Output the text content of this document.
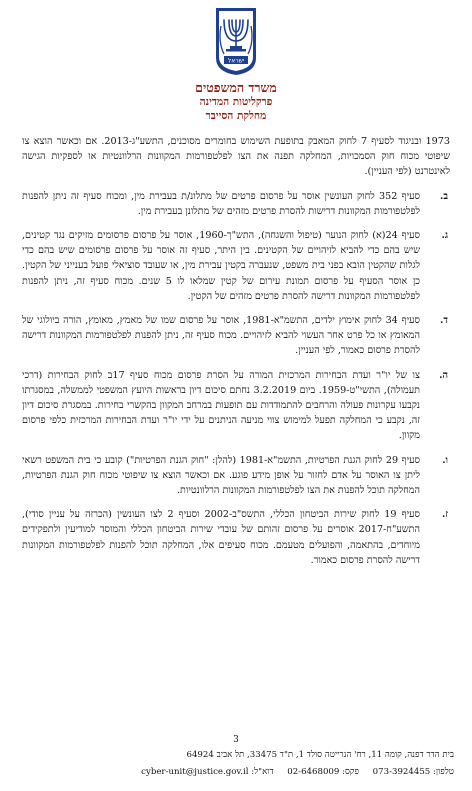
ישראל
משרד המשפטים
פרקליטות המדינה
מחלקת הסייבר
1973 ובניגוד לסעיף 7 לחוק המאבק בתופעת השימוש בחומרים מסוכנים, התשע"ג-2013. אם וכאשר הוצא צו שיפוטי מכוח חוק הסמכויות, המחלקה תפנה את הצו לפלטפורמות המקוונות הרלוונטיות או לספקיות הגישה לאינטרנט (לפי העניין).
ב.
סעיף 352 לחוק העונשין אוסר על פרסום פרטים של מתלונ/ת בעבירת מין, ומכוח סעיף זה ניתן להפנות לפלטפורמות המקוונות דרישות להסרת פרטים מזהים של מתלונן בעבירת מין.
ג.
סעיף 24(א) לחוק הנוער (טיפול והשגחה), התש"ך-1960, אוסר על פרסום פרסומים מזיקים נגד קטינים, שיש בהם כדי להביא לזיהויים של הקטינים. בין היתר, סעיף זה אוסר על פרסום פרסומים שיש בהם כדי לגלות שהקטין הובא בפני בית משפט, שנעברה בקטין עבירת מין, או שעובד סוציאלי פועל בענייני של הקטין. כן אוסר הסעיף על פרסום תמונת עירום של קטין שמלאו לו 5 שנים. מכוח סעיף זה, ניתן להפנות לפלטפורמות המקוונות דרישה להסרת פרטים מזהים של הקטין.
ד.
סעיף 34 לחוק אימוץ ילדים, התשמ"א-1981, אוסר על פרסום שמו של מאמץ, מאומץ, הורה ביולוגי של המאומץ או כל פרט אחר העשוי להביא לזיהויים. מכוח סעיף זה, ניתן להפנות לפלטפורמות המקוונות דרישה להסרת פרסום כאמור, לפי העניין.
ה.
צו של יו"ר ועדת הבחירות המרכזית המורה על הסרת פרסום מכוח סעיף 17ב לחוק הבחירות (דרכי תעמולה), התשי"ט-1959. ביום 3.2.2019 נחתם סיכום דיון בראשות היועץ המשפטי לממשלה, במסגרתו נקבעו עקרונות פעולה והרחבים להתמודדות עם תופעות במרחב המקוון בהקשרי בחירות. במסגרת סיכום דיון זה, נקבע כי המחלקה תפעל למימוש צווי מניעה הניתנים על ידי יו"ר ועדת הבחירות המרכזית כלפי פרסום מקוון.
ו.
סעיף 29 לחוק הגנת הפרטיות, התשמ"א-1981 (להלן: "חוק הגנת הפרטיות") קובע כי בית המשפט רשאי ליתן צו האוסר על אדם לחזור על אופן מידע פוגע. אם וכאשר הוצא צו שיפוטי מכוח חוק הגנת הפרטיות, המחלקה תוכל להפנות את הצו לפלטפורמות המקוונות הרלוונטיות.
ז.
סעיף 19 לחוק שירות הביטחון הכללי, התשס"ב-2002 וסעיף 2 לצו העונשין (הכרזה על עניין סודי), התשע"ח-2017 אוסרים על פרסום זהותם של עובדי שירות הביטחון הכללי והמוסד למודיעין ולתפקידים מיוחדים, בהתאמה, והפועלים מטעמם. מכוח סעיפים אלו, המחלקה תוכל להפנות לפלטפורמות המקוונות דרישה להסרת פרסום כאמור.
3
בית הדר דפנה, קומה 11, רח' הנרייטה סולד 1, ת"ד 33475, תל אביב 64924
טלפון: 073-3924455     פקס: 02-6468009     דוא"ל: cyber-unit@justice.gov.il
